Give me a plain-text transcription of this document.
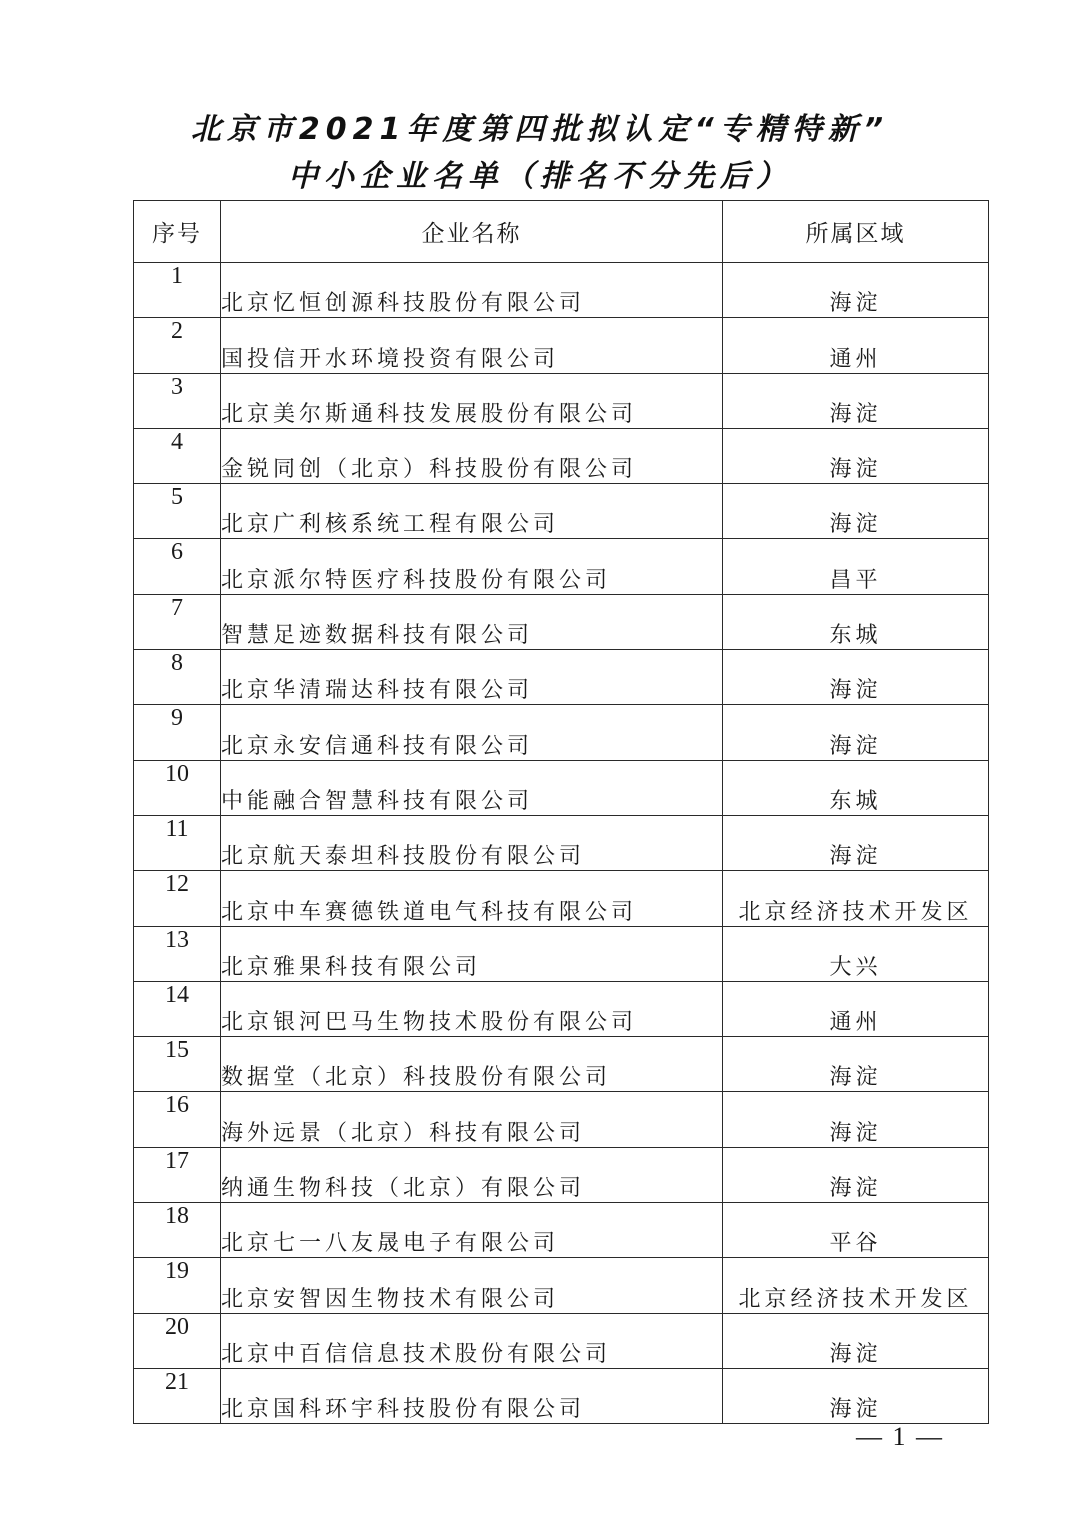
北京市2021年度第四批拟认定“专精特新”
中小企业名单（排名不分先后）
序号	企业名称	所属区域
1	北京忆恒创源科技股份有限公司	海淀
2	国投信开水环境投资有限公司	通州
3	北京美尔斯通科技发展股份有限公司	海淀
4	金锐同创（北京）科技股份有限公司	海淀
5	北京广利核系统工程有限公司	海淀
6	北京派尔特医疗科技股份有限公司	昌平
7	智慧足迹数据科技有限公司	东城
8	北京华清瑞达科技有限公司	海淀
9	北京永安信通科技有限公司	海淀
10	中能融合智慧科技有限公司	东城
11	北京航天泰坦科技股份有限公司	海淀
12	北京中车赛德铁道电气科技有限公司	北京经济技术开发区
13	北京雅果科技有限公司	大兴
14	北京银河巴马生物技术股份有限公司	通州
15	数据堂（北京）科技股份有限公司	海淀
16	海外远景（北京）科技有限公司	海淀
17	纳通生物科技（北京）有限公司	海淀
18	北京七一八友晟电子有限公司	平谷
19	北京安智因生物技术有限公司	北京经济技术开发区
20	北京中百信信息技术股份有限公司	海淀
21	北京国科环宇科技股份有限公司	海淀
— 1 —
